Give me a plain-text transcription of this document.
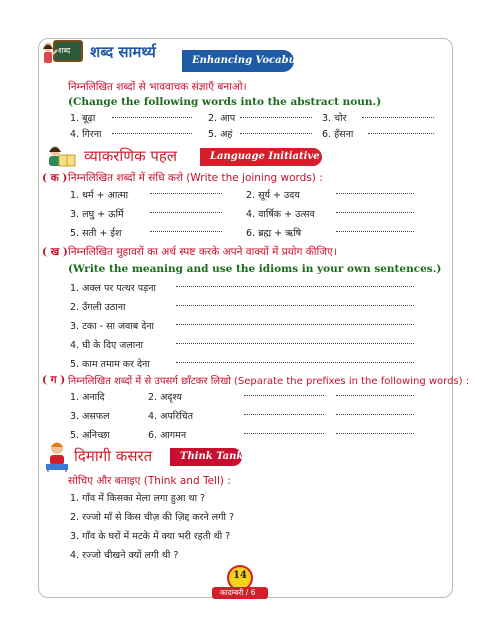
शब्द शब्द सामर्थ्य	Enhancing Vocabulary
निम्नलिखित शब्दों से भाववाचक संज्ञाएँ बनाओ।
(Change the following words into the abstract noun.)
1. बूढ़ा	2. आप	3. चोर
4. गिरना	5. अहं	6. हँसना
व्याकरणिक पहल	Language Initiative
( क ) निम्नलिखित शब्दों में संधि करो (Write the joining words) :
1. धर्म + आत्मा	2. सूर्य + उदय
3. लघु + ऊर्मि	4. वार्षिक + उत्सव
5. सती + ईश	6. ब्रह्म + ऋषि
( ख ) निम्नलिखित मुहावरों का अर्थ स्पष्ट करके अपने वाक्यों में प्रयोग कीजिए।
(Write the meaning and use the idioms in your own sentences.)
1. अक्ल पर पत्थर पड़ना
2. उँगली उठाना
3. टका - सा जवाब देना
4. घी के दिए जलाना
5. काम तमाम कर देना
( ग ) निम्नलिखित शब्दों में से उपसर्ग छाँटकर लिखो (Separate the prefixes in the following words) :
1. अनादि	2. अदृश्य
3. असफल	4. अपरिचित
5. अनिच्छा	6. आगमन
दिमागी कसरत	Think Tank
सोचिए और बताइए (Think and Tell) :
1. गाँव में किसका मेला लगा हुआ था ?
2. रज्जो माँ से किस चीज़ की ज़िद्द करने लगी ?
3. गाँव के घरों में मटके में क्या भरी रहती थी ?
4. रज्जो चीखने क्यों लगी थी ?
14
कादम्बरी / 6
